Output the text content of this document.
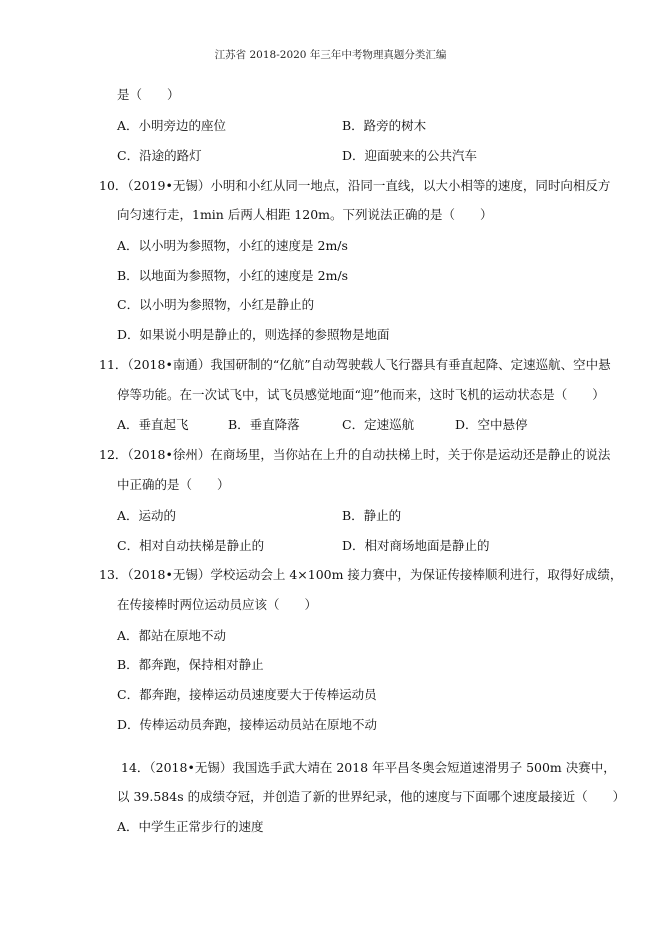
江苏省 2018-2020 年三年中考物理真题分类汇编
是（　　）
A．小明旁边的座位	B．路旁的树木
C．沿途的路灯	D．迎面驶来的公共汽车
10．（2019•无锡）小明和小红从同一地点，沿同一直线，以大小相等的速度，同时向相反方
向匀速行走，1min 后两人相距 120m。下列说法正确的是（　　）
A．以小明为参照物，小红的速度是 2m/s
B．以地面为参照物，小红的速度是 2m/s
C．以小明为参照物，小红是静止的
D．如果说小明是静止的，则选择的参照物是地面
11．（2018•南通）我国研制的“亿航”自动驾驶载人飞行器具有垂直起降、定速巡航、空中悬
停等功能。在一次试飞中，试飞员感觉地面“迎”他而来，这时飞机的运动状态是（　　）
A．垂直起飞	B．垂直降落	C．定速巡航	D．空中悬停
12．（2018•徐州）在商场里，当你站在上升的自动扶梯上时，关于你是运动还是静止的说法
中正确的是（　　）
A．运动的	B．静止的
C．相对自动扶梯是静止的	D．相对商场地面是静止的
13．（2018•无锡）学校运动会上 4×100m 接力赛中，为保证传接棒顺利进行，取得好成绩，
在传接棒时两位运动员应该（　　）
A．都站在原地不动
B．都奔跑，保持相对静止
C．都奔跑，接棒运动员速度要大于传棒运动员
D．传棒运动员奔跑，接棒运动员站在原地不动
14．（2018•无锡）我国选手武大靖在 2018 年平昌冬奥会短道速滑男子 500m 决赛中，
以 39.584s 的成绩夺冠，并创造了新的世界纪录，他的速度与下面哪个速度最接近（　　）
A．中学生正常步行的速度
